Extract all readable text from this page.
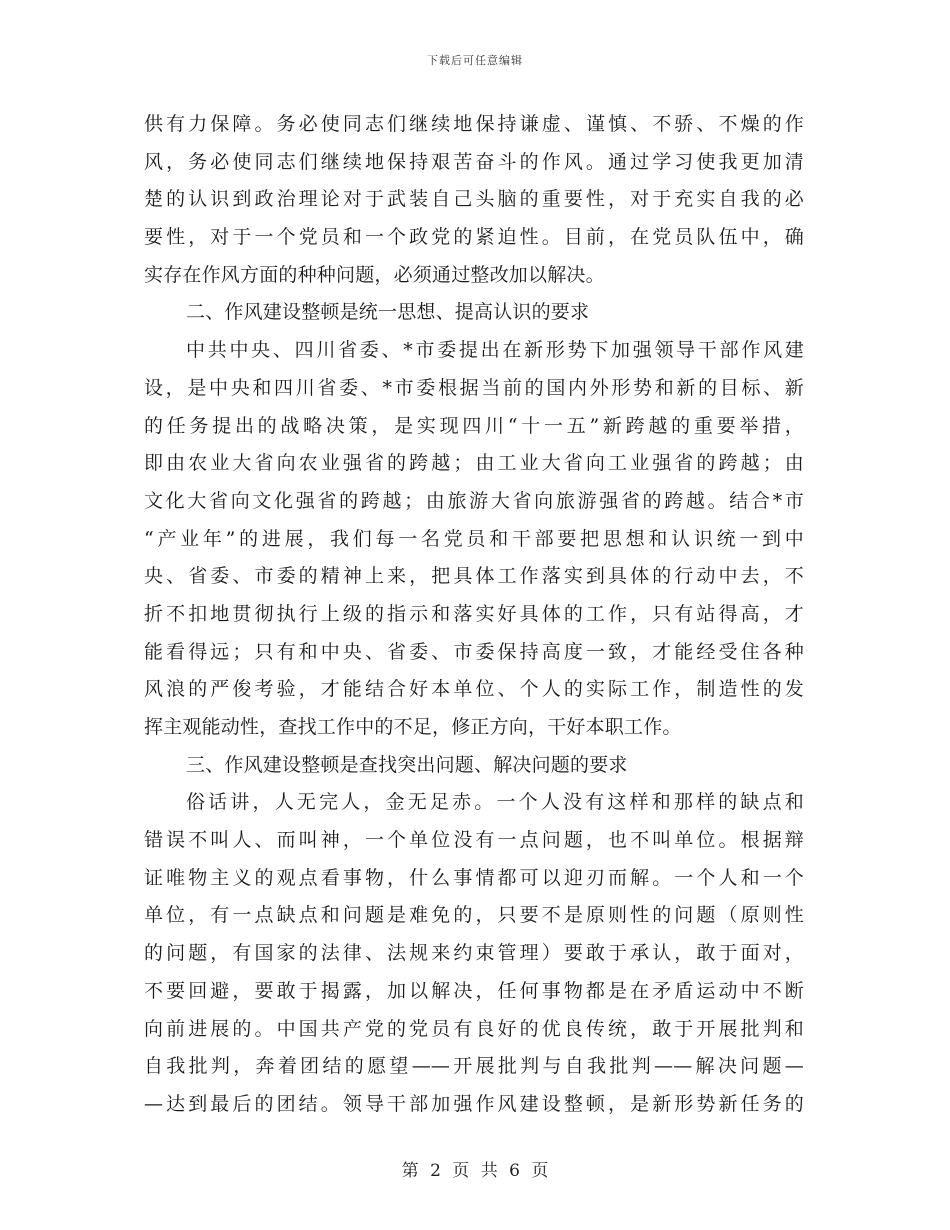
下载后可任意编辑
供有力保障。务必使同志们继续地保持谦虚、谨慎、不骄、不燥的作
风，务必使同志们继续地保持艰苦奋斗的作风。通过学习使我更加清
楚的认识到政治理论对于武装自己头脑的重要性，对于充实自我的必
要性，对于一个党员和一个政党的紧迫性。目前，在党员队伍中，确
实存在作风方面的种种问题，必须通过整改加以解决。
二、作风建设整顿是统一思想、提高认识的要求
中共中央、四川省委、*市委提出在新形势下加强领导干部作风建
设，是中央和四川省委、*市委根据当前的国内外形势和新的目标、新
的任务提出的战略决策，是实现四川“十一五”新跨越的重要举措，
即由农业大省向农业强省的跨越；由工业大省向工业强省的跨越；由
文化大省向文化强省的跨越；由旅游大省向旅游强省的跨越。结合*市
“产业年”的进展，我们每一名党员和干部要把思想和认识统一到中
央、省委、市委的精神上来，把具体工作落实到具体的行动中去，不
折不扣地贯彻执行上级的指示和落实好具体的工作，只有站得高，才
能看得远；只有和中央、省委、市委保持高度一致，才能经受住各种
风浪的严俊考验，才能结合好本单位、个人的实际工作，制造性的发
挥主观能动性，查找工作中的不足，修正方向，干好本职工作。
三、作风建设整顿是查找突出问题、解决问题的要求
俗话讲，人无完人，金无足赤。一个人没有这样和那样的缺点和
错误不叫人、而叫神，一个单位没有一点问题，也不叫单位。根据辩
证唯物主义的观点看事物，什么事情都可以迎刃而解。一个人和一个
单位，有一点缺点和问题是难免的，只要不是原则性的问题（原则性
的问题，有国家的法律、法规来约束管理）要敢于承认，敢于面对，
不要回避，要敢于揭露，加以解决，任何事物都是在矛盾运动中不断
向前进展的。中国共产党的党员有良好的优良传统，敢于开展批判和
自我批判，奔着团结的愿望——开展批判与自我批判——解决问题—
—达到最后的团结。领导干部加强作风建设整顿，是新形势新任务的
第 2 页 共 6 页
